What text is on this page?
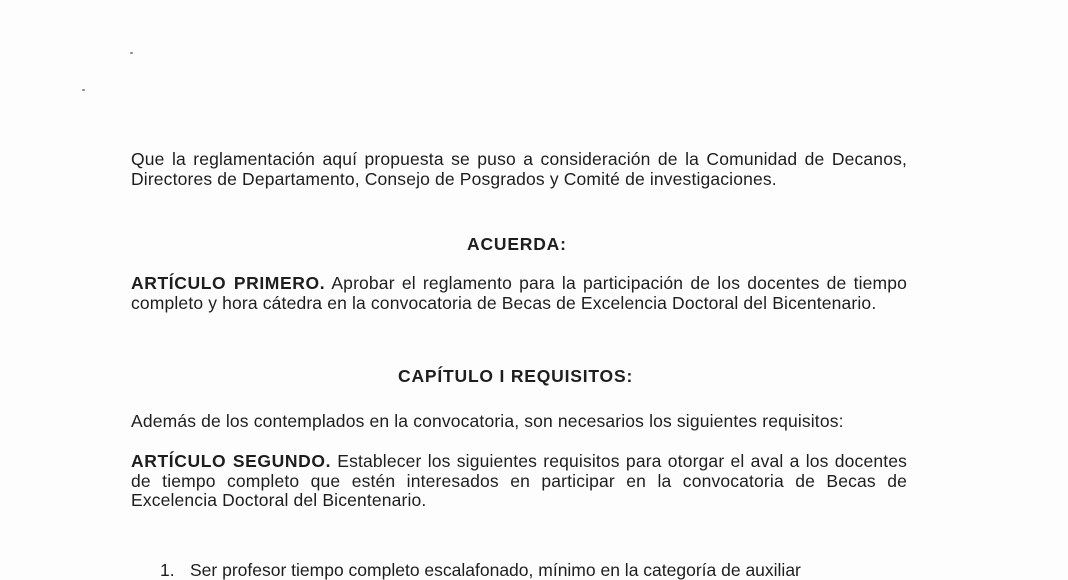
Que la reglamentación aquí propuesta se puso a consideración de la Comunidad de Decanos, Directores de Departamento, Consejo de Posgrados y Comité de investigaciones.

ACUERDA:

ARTÍCULO PRIMERO. Aprobar el reglamento para la participación de los docentes de tiempo completo y hora cátedra en la convocatoria de Becas de Excelencia Doctoral del Bicentenario.

CAPÍTULO I REQUISITOS:

Además de los contemplados en la convocatoria, son necesarios los siguientes requisitos:

ARTÍCULO SEGUNDO. Establecer los siguientes requisitos para otorgar el aval a los docentes de tiempo completo que estén interesados en participar en la convocatoria de Becas de Excelencia Doctoral del Bicentenario.

1. Ser profesor tiempo completo escalafonado, mínimo en la categoría de auxiliar
